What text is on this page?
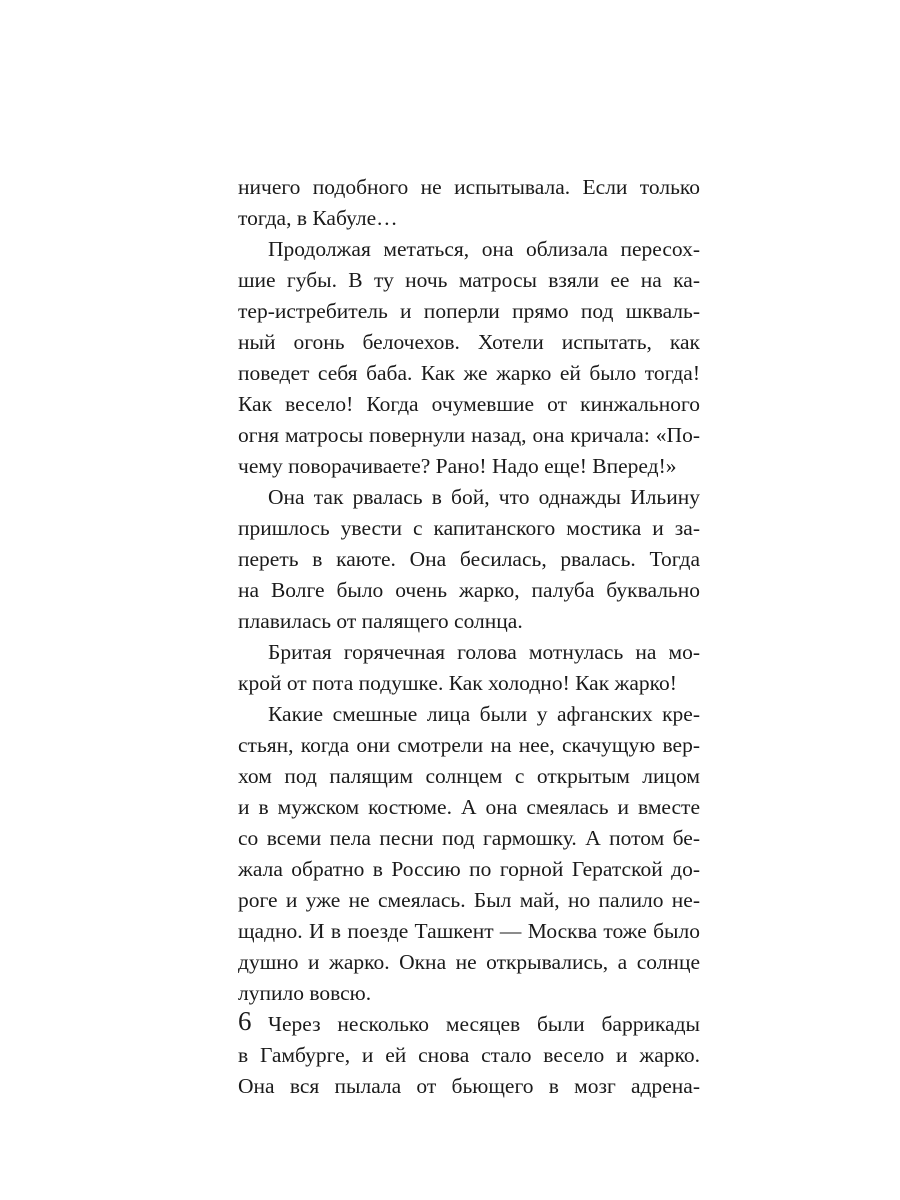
ничего подобного не испытывала. Если только
тогда, в Кабуле…
Продолжая метаться, она облизала пересох-
шие губы. В ту ночь матросы взяли ее на ка-
тер-истребитель и поперли прямо под шкваль-
ный огонь белочехов. Хотели испытать, как
поведет себя баба. Как же жарко ей было тогда!
Как весело! Когда очумевшие от кинжального
огня матросы повернули назад, она кричала: «По-
чему поворачиваете? Рано! Надо еще! Вперед!»
Она так рвалась в бой, что однажды Ильину
пришлось увести с капитанского мостика и за-
переть в каюте. Она бесилась, рвалась. Тогда
на Волге было очень жарко, палуба буквально
плавилась от палящего солнца.
Бритая горячечная голова мотнулась на мо-
крой от пота подушке. Как холодно! Как жарко!
Какие смешные лица были у афганских кре-
стьян, когда они смотрели на нее, скачущую вер-
хом под палящим солнцем с открытым лицом
и в мужском костюме. А она смеялась и вместе
со всеми пела песни под гармошку. А потом бе-
жала обратно в Россию по горной Гератской до-
роге и уже не смеялась. Был май, но палило не-
щадно. И в поезде Ташкент — Москва тоже было
душно и жарко. Окна не открывались, а солнце
лупило вовсю.
Через несколько месяцев были баррикады
в Гамбурге, и ей снова стало весело и жарко.
Она вся пылала от бьющего в мозг адрена-
6
